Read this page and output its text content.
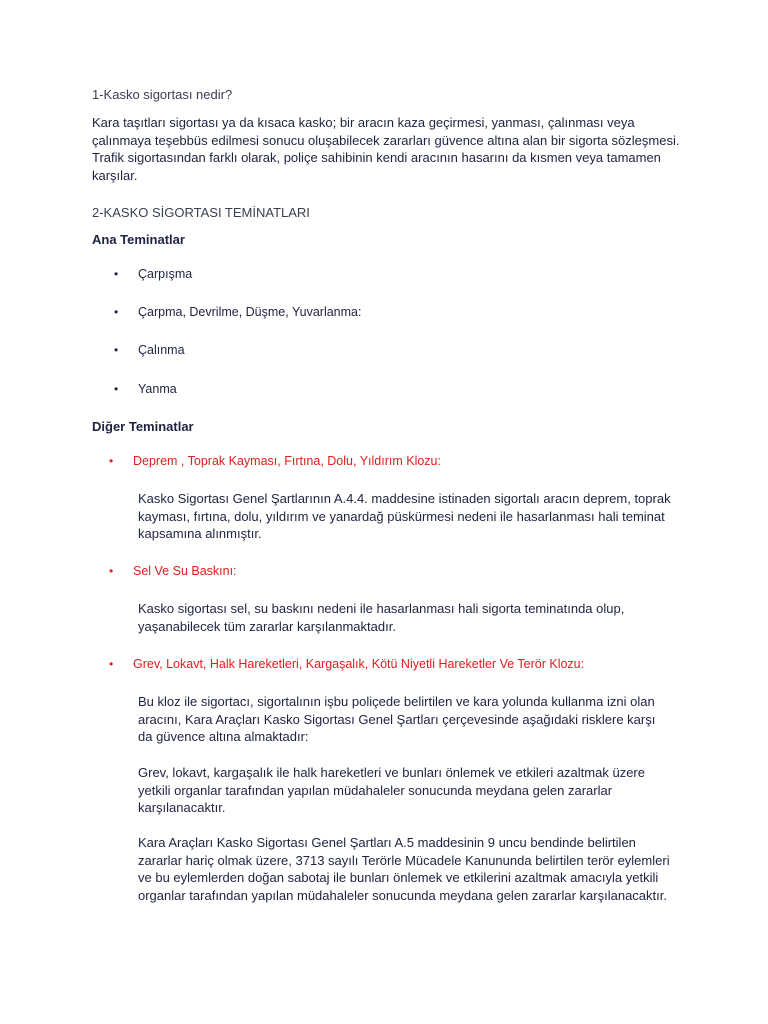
1-Kasko sigortası nedir?
Kara taşıtları sigortası ya da kısaca kasko; bir aracın kaza geçirmesi, yanması, çalınması veya çalınmaya teşebbüs edilmesi sonucu oluşabilecek zararları güvence altına alan bir sigorta sözleşmesi. Trafik sigortasından farklı olarak, poliçe sahibinin kendi aracının hasarını da kısmen veya tamamen karşılar.
2-KASKO SİGORTASI TEMİNATLARI
Ana Teminatlar
• Çarpışma
• Çarpma, Devrilme, Düşme, Yuvarlanma:
• Çalınma
• Yanma
Diğer Teminatlar
• Deprem , Toprak Kayması, Fırtına, Dolu, Yıldırım Klozu:
Kasko Sigortası Genel Şartlarının A.4.4. maddesine istinaden sigortalı aracın deprem, toprak kayması, fırtına, dolu, yıldırım ve yanardağ püskürmesi nedeni ile hasarlanması hali teminat kapsamına alınmıştır.
• Sel Ve Su Baskını:
Kasko sigortası sel, su baskını nedeni ile hasarlanması hali sigorta teminatında olup, yaşanabilecek tüm zararlar karşılanmaktadır.
• Grev, Lokavt, Halk Hareketleri, Kargaşalık, Kötü Niyetli Hareketler Ve Terör Klozu:
Bu kloz ile sigortacı, sigortalının işbu poliçede belirtilen ve kara yolunda kullanma izni olan aracını, Kara Araçları Kasko Sigortası Genel Şartları çerçevesinde aşağıdaki risklere karşı da güvence altına almaktadır:
Grev, lokavt, kargaşalık ile halk hareketleri ve bunları önlemek ve etkileri azaltmak üzere yetkili organlar tarafından yapılan müdahaleler sonucunda meydana gelen zararlar karşılanacaktır.
Kara Araçları Kasko Sigortası Genel Şartları A.5 maddesinin 9 uncu bendinde belirtilen zararlar hariç olmak üzere, 3713 sayılı Terörle Mücadele Kanununda belirtilen terör eylemleri ve bu eylemlerden doğan sabotaj ile bunları önlemek ve etkilerini azaltmak amacıyla yetkili organlar tarafından yapılan müdahaleler sonucunda meydana gelen zararlar karşılanacaktır.
